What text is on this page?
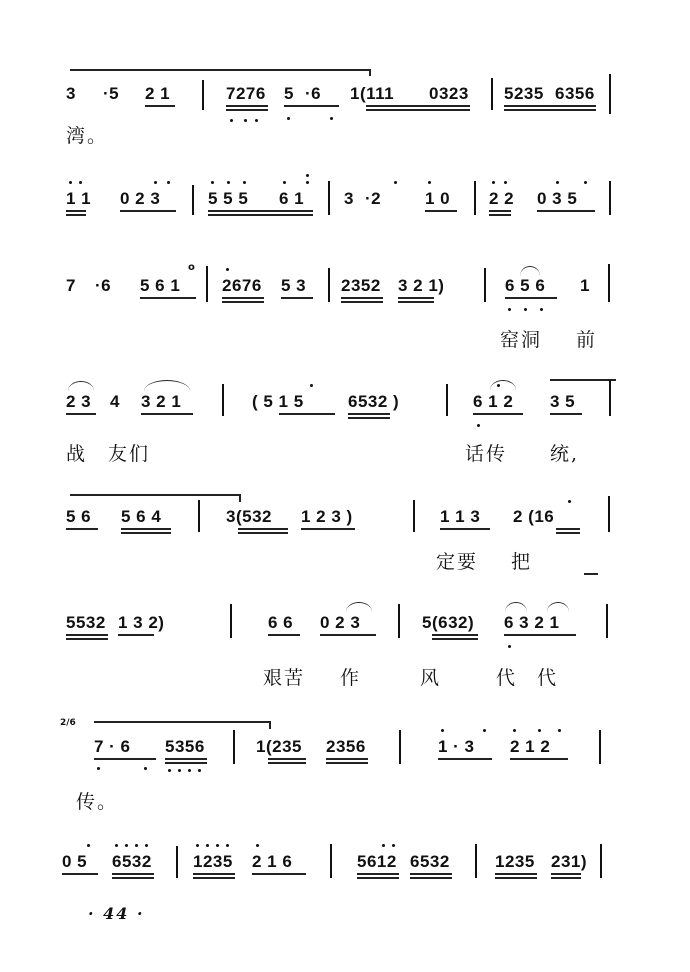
3 ·5 2 1	7276 5 ·6 1(111 0323 5235 6356
湾。
1 1 0 2 3	5 5 5 6 1 3 ·2	1 0 2 2 0 3 5
7 ·6 5 6 1
o
2676 5 3 2352 3 2 1)	6 5 6 1
窑洞 前
2 3 4 3 2 1	( 5 1 5	6532 )	6 1 2 3 5
战 友们	话传 统,
5 6 5 6 4	3(532 1 2 3 )	1 1 3 2 (16
定要 把
5532 1 3 2)	6 6 0 2 3	5(632) 6 3 2 1
艰苦 作	风	代代
2/6
7 · 6 5356	1(235 2356	1 · 3 2 1 2
传。
0 5 6532 1235 2 1 6	5612 6532	1235 231)
· 44 ·
